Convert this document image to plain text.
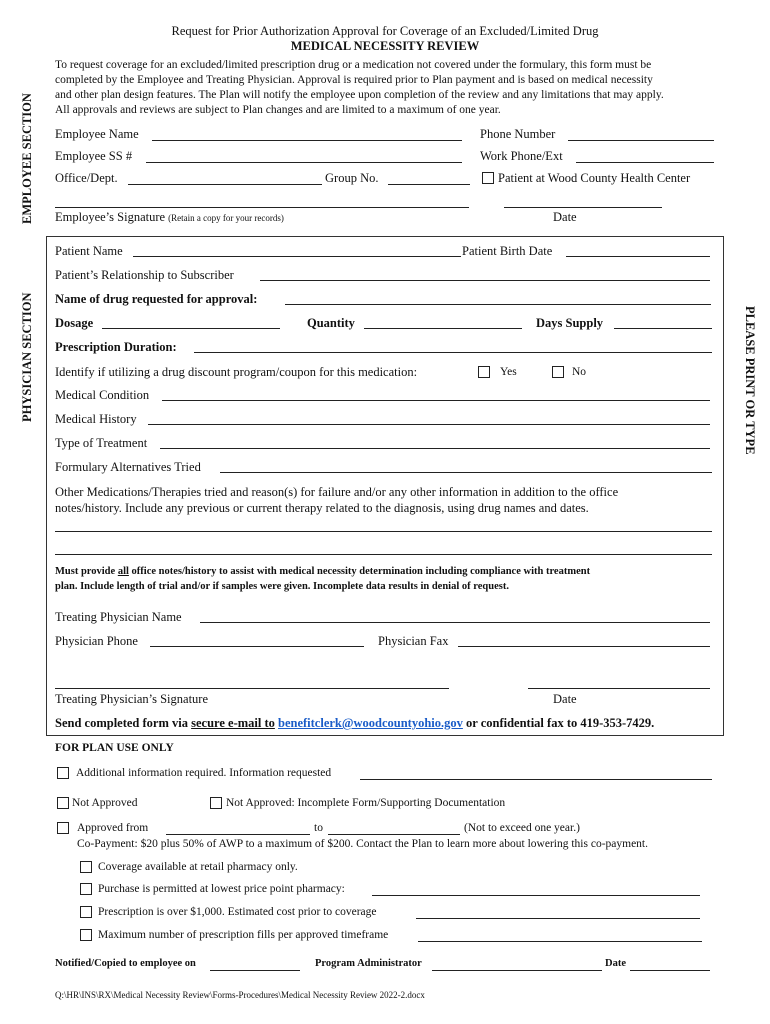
Request for Prior Authorization Approval for Coverage of an Excluded/Limited Drug
MEDICAL NECESSITY REVIEW
EMPLOYEE SECTION
PHYSICIAN SECTION	PLEASE PRINT OR TYPE
To request coverage for an excluded/limited prescription drug or a medication not covered under the formulary, this form must be
completed by the Employee and Treating Physician. Approval is required prior to Plan payment and is based on medical necessity
and other plan design features. The Plan will notify the employee upon completion of the review and any limitations that may apply.
All approvals and reviews are subject to Plan changes and are limited to a maximum of one year.
Employee Name	Phone Number
Employee SS #	Work Phone/Ext
Office/Dept.	Group No.	Patient at Wood County Health Center
Employee’s Signature (Retain a copy for your records)	Date
Patient Name	Patient Birth Date
Patient’s Relationship to Subscriber
Name of drug requested for approval:
Dosage	Quantity	Days Supply
Prescription Duration:
Identify if utilizing a drug discount program/coupon for this medication:	Yes	No
Medical Condition
Medical History
Type of Treatment
Formulary Alternatives Tried
Other Medications/Therapies tried and reason(s) for failure and/or any other information in addition to the office
notes/history. Include any previous or current therapy related to the diagnosis, using drug names and dates.
Must provide all office notes/history to assist with medical necessity determination including compliance with treatment
plan. Include length of trial and/or if samples were given. Incomplete data results in denial of request.
Treating Physician Name
Physician Phone	Physician Fax
Treating Physician’s Signature	Date
Send completed form via secure e-mail to benefitclerk@woodcountyohio.gov or confidential fax to 419-353-7429.
FOR PLAN USE ONLY
Additional information required. Information requested
Not Approved	Not Approved: Incomplete Form/Supporting Documentation
Approved from	to	(Not to exceed one year.)
Co-Payment: $20 plus 50% of AWP to a maximum of $200. Contact the Plan to learn more about lowering this co-payment.
Coverage available at retail pharmacy only.
Purchase is permitted at lowest price point pharmacy:
Prescription is over $1,000. Estimated cost prior to coverage
Maximum number of prescription fills per approved timeframe
Notified/Copied to employee on	Program Administrator	Date
Q:\HR\INS\RX\Medical Necessity Review\Forms-Procedures\Medical Necessity Review 2022-2.docx
